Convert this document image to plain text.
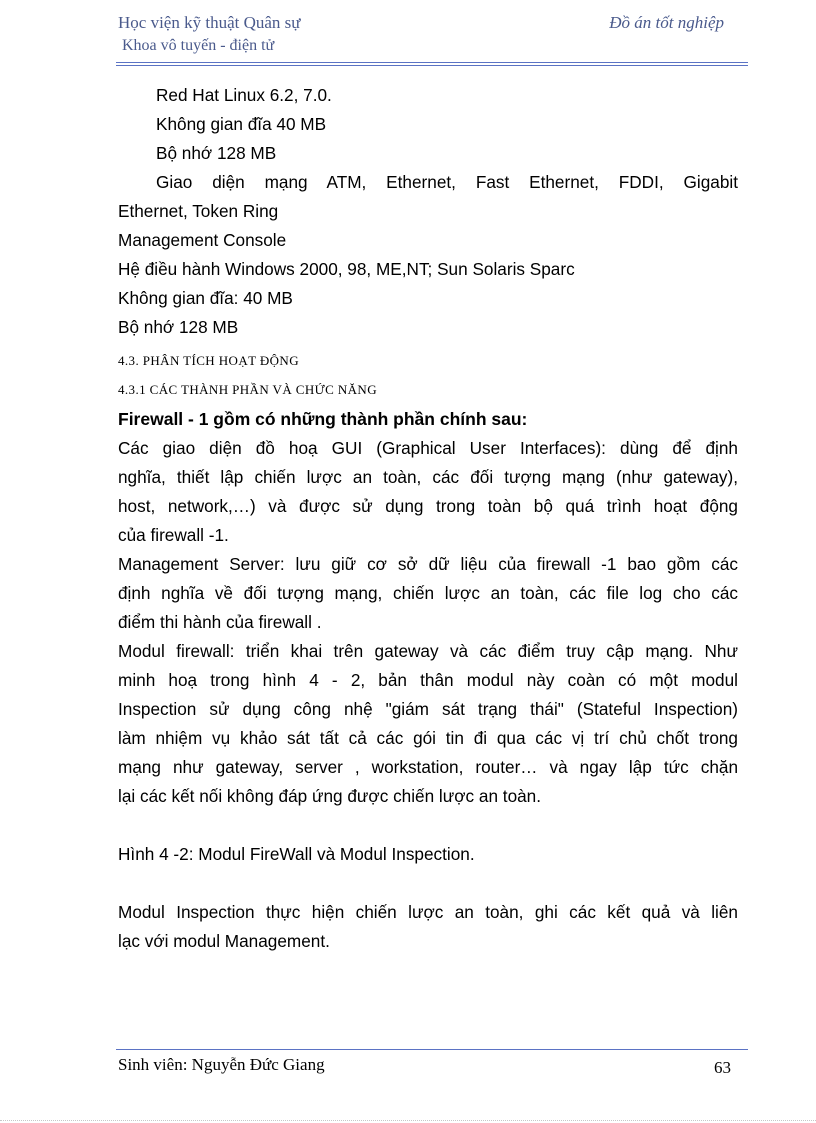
Học viện kỹ thuật Quân sự
Khoa vô tuyến - điện tử
Đồ án tốt nghiệp
Red Hat Linux 6.2, 7.0.
Không gian đĩa 40 MB
Bộ nhớ 128 MB
Giao diện mạng ATM, Ethernet, Fast Ethernet, FDDI, Gigabit
Ethernet, Token Ring
Management Console
Hệ điều hành Windows 2000, 98, ME,NT; Sun Solaris Sparc
Không gian đĩa: 40 MB
Bộ nhớ 128 MB
4.3. PHÂN TÍCH HOẠT ĐỘNG
4.3.1 CÁC THÀNH PHẦN VÀ CHỨC NĂNG
Firewall - 1 gồm có những thành phần chính sau:
Các giao diện đồ hoạ GUI (Graphical User Interfaces): dùng để định
nghĩa, thiết lập chiến lược an toàn, các đối tượng mạng (như gateway),
host, network,…) và được sử dụng trong toàn bộ quá trình hoạt động
của firewall -1.
Management Server: lưu giữ cơ sở dữ liệu của firewall -1 bao gồm các
định nghĩa về đối tượng mạng, chiến lược an toàn, các file log cho các
điểm thi hành của firewall .
Modul firewall: triển khai trên gateway và các điểm truy cập mạng. Như
minh hoạ trong hình 4 - 2, bản thân modul này coàn có một modul
Inspection sử dụng công nhệ "giám sát trạng thái" (Stateful Inspection)
làm nhiệm vụ khảo sát tất cả các gói tin đi qua các vị trí chủ chốt trong
mạng như gateway, server , workstation, router… và ngay lập tức chặn
lại các kết nối không đáp ứng được chiến lược an toàn.
Hình 4 -2: Modul FireWall và Modul Inspection.
Modul Inspection thực hiện chiến lược an toàn, ghi các kết quả và liên
lạc với modul Management.
Sinh viên: Nguyễn Đức Giang	63
